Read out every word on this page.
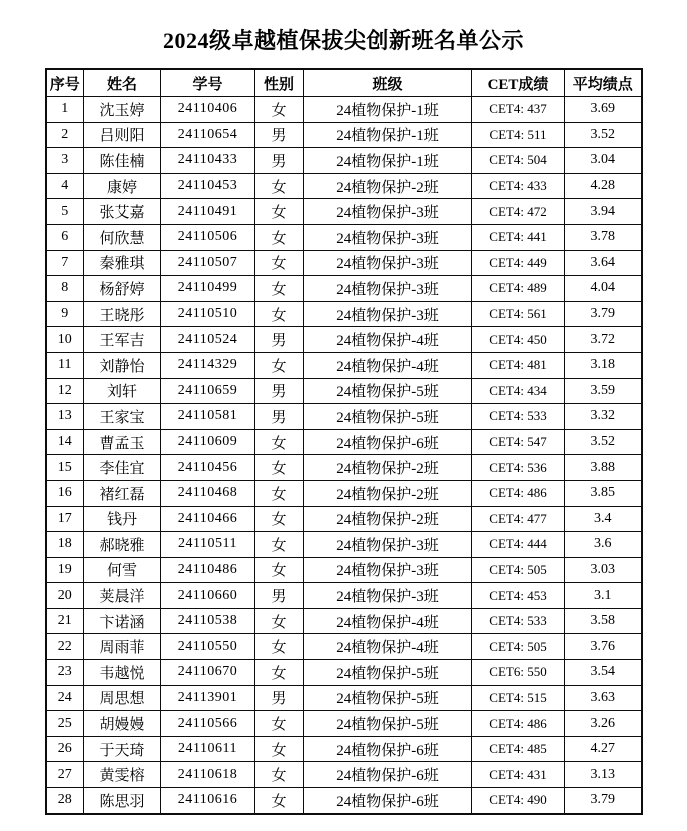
2024级卓越植保拔尖创新班名单公示
序号	姓名	学号	性别	班级	CET成绩	平均绩点
1	沈玉婷	24110406	女	24植物保护-1班	CET4: 437	3.69
2	吕则阳	24110654	男	24植物保护-1班	CET4: 511	3.52
3	陈佳楠	24110433	男	24植物保护-1班	CET4: 504	3.04
4	康婷	24110453	女	24植物保护-2班	CET4: 433	4.28
5	张艾嘉	24110491	女	24植物保护-3班	CET4: 472	3.94
6	何欣慧	24110506	女	24植物保护-3班	CET4: 441	3.78
7	秦雅琪	24110507	女	24植物保护-3班	CET4: 449	3.64
8	杨舒婷	24110499	女	24植物保护-3班	CET4: 489	4.04
9	王晓彤	24110510	女	24植物保护-3班	CET4: 561	3.79
10	王军吉	24110524	男	24植物保护-4班	CET4: 450	3.72
11	刘静怡	24114329	女	24植物保护-4班	CET4: 481	3.18
12	刘轩	24110659	男	24植物保护-5班	CET4: 434	3.59
13	王家宝	24110581	男	24植物保护-5班	CET4: 533	3.32
14	曹孟玉	24110609	女	24植物保护-6班	CET4: 547	3.52
15	李佳宜	24110456	女	24植物保护-2班	CET4: 536	3.88
16	褚红磊	24110468	女	24植物保护-2班	CET4: 486	3.85
17	钱丹	24110466	女	24植物保护-2班	CET4: 477	3.4
18	郝晓雅	24110511	女	24植物保护-3班	CET4: 444	3.6
19	何雪	24110486	女	24植物保护-3班	CET4: 505	3.03
20	荚晨洋	24110660	男	24植物保护-3班	CET4: 453	3.1
21	卞诺涵	24110538	女	24植物保护-4班	CET4: 533	3.58
22	周雨菲	24110550	女	24植物保护-4班	CET4: 505	3.76
23	韦越悦	24110670	女	24植物保护-5班	CET6: 550	3.54
24	周思想	24113901	男	24植物保护-5班	CET4: 515	3.63
25	胡嫚嫚	24110566	女	24植物保护-5班	CET4: 486	3.26
26	于天琦	24110611	女	24植物保护-6班	CET4: 485	4.27
27	黄雯榕	24110618	女	24植物保护-6班	CET4: 431	3.13
28	陈思羽	24110616	女	24植物保护-6班	CET4: 490	3.79
